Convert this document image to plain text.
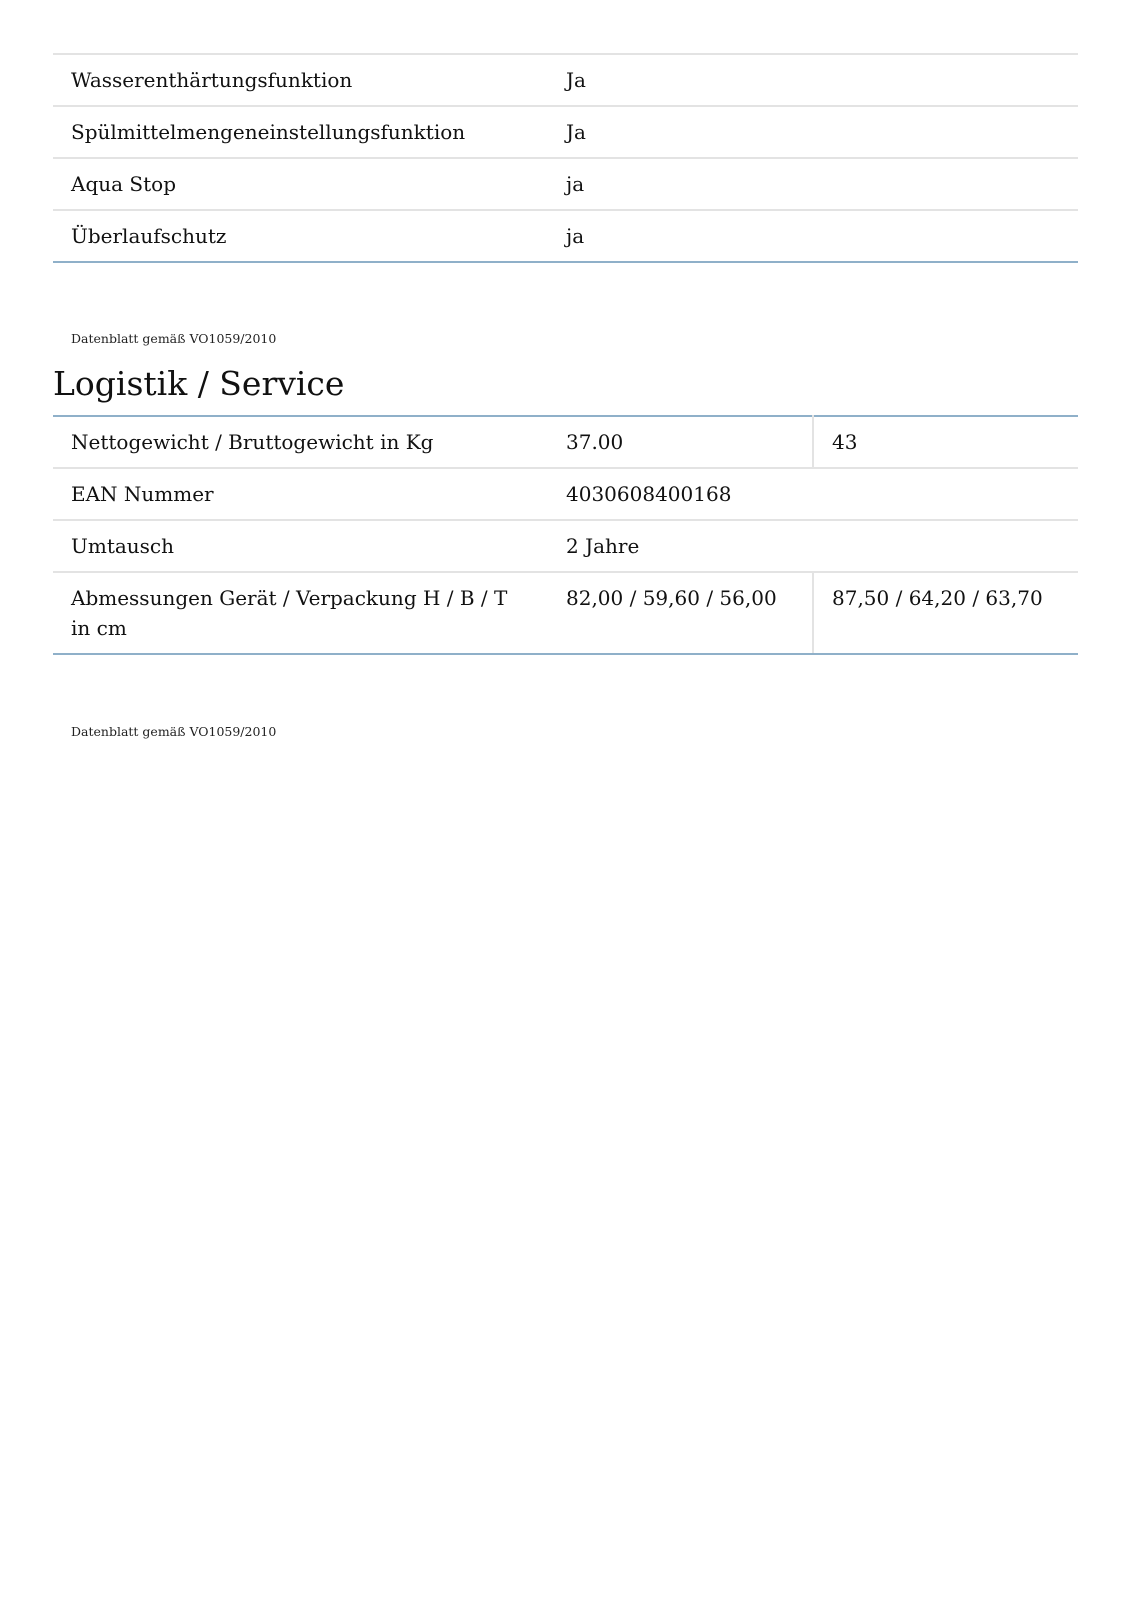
Wasserenthärtungsfunktion	Ja
Spülmittelmengeneinstellungsfunktion	Ja
Aqua Stop	ja
Überlaufschutz	ja
Datenblatt gemäß VO1059/2010
Logistik / Service
Nettogewicht / Bruttogewicht in Kg	37.00	43
EAN Nummer	4030608400168	
Umtausch	2 Jahre	
Abmessungen Gerät / Verpackung H / B / T in cm	82,00 / 59,60 / 56,00	87,50 / 64,20 / 63,70
Datenblatt gemäß VO1059/2010
